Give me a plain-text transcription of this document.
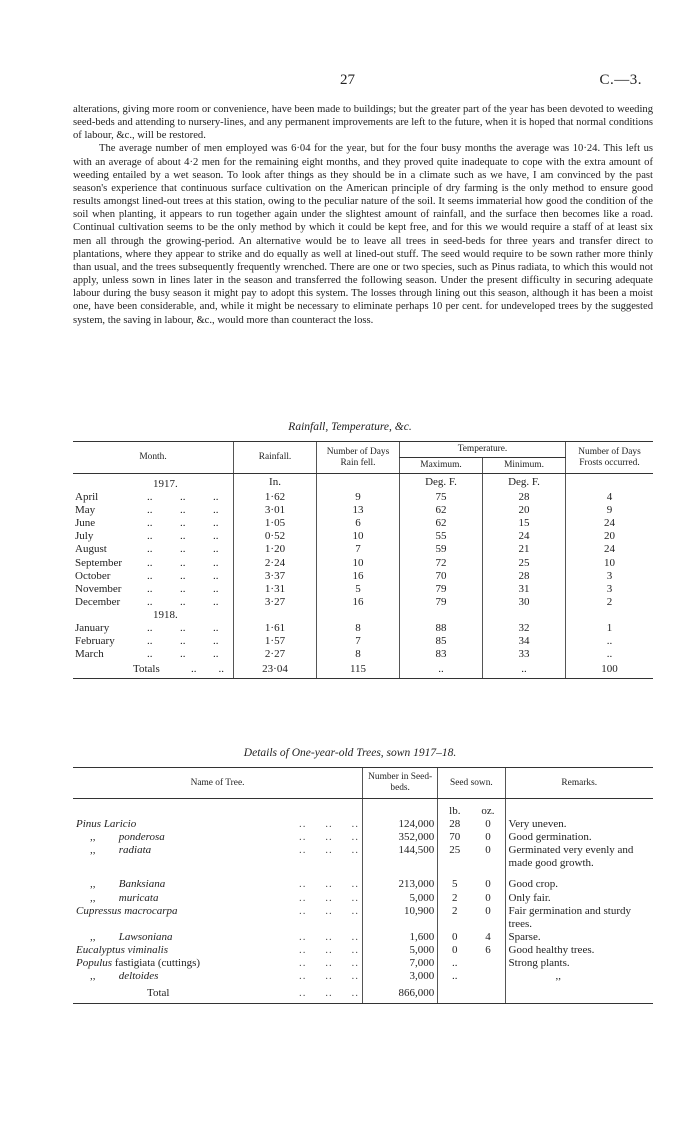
27	C.—3.

alterations, giving more room or convenience, have been made to buildings; but the greater part of the year has been devoted to weeding seed-beds and attending to nursery-lines, and any permanent improvements are left to the future, when it is hoped that normal conditions of labour, &c., will be restored.

The average number of men employed was 6·04 for the year, but for the four busy months the average was 10·24. This left us with an average of about 4·2 men for the remaining eight months, and they proved quite inadequate to cope with the extra amount of weeding entailed by a wet season. To look after things as they should be in a climate such as we have, I am convinced by the past season's experience that continuous surface cultivation on the American principle of dry farming is the only method to ensure good results amongst lined-out trees at this station, owing to the peculiar nature of the soil. It seems immaterial how good the condition of the soil when planting, it appears to run together again under the slightest amount of rainfall, and the surface then becomes like a road. Continual cultivation seems to be the only method by which it could be kept free, and for this we would require a staff of at least six men all through the growing-period. An alternative would be to leave all trees in seed-beds for three years and transfer direct to plantations, where they appear to strike and do equally as well at lined-out stuff. The seed would require to be sown rather more thinly than usual, and the trees subsequently frequently wrenched. There are one or two species, such as Pinus radiata, to which this would not apply, unless sown in lines later in the season and transferred the following season. Under the present difficulty in securing adequate labour during the busy season it might pay to adopt this system. The losses through lining out this season, although it has been a moist one, have been considerable, and, while it might be necessary to eliminate perhaps 10 per cent. for undeveloped trees by the suggested system, the saving in labour, &c., would more than counteract the loss.

Rainfall, Temperature, &c.
Month.	Rainfall.	Number of Days Rain fell.	Temperature.		Number of Days Frosts occurred.
			Maximum.	Minimum.	
1917.	In.		Deg. F.	Deg. F.	
April ..          ..          ..	1·62	9	75	28	4
May ..          ..          ..	3·01	13	62	20	9
June ..          ..          ..	1·05	6	62	15	24
July ..          ..          ..	0·52	10	55	24	20
August ..          ..          ..	1·20	7	59	21	24
September ..          ..          ..	2·24	10	72	25	10
October ..          ..          ..	3·37	16	70	28	3
November ..          ..          ..	1·31	5	79	31	3
December ..          ..          ..	3·27	16	79	30	2
1918.					
January ..          ..          ..	1·61	8	88	32	1
February ..          ..          ..	1·57	7	85	34	..
March ..          ..          ..	2·27	8	83	33	..
Totals ..        ..	23·04	115	..	..	100
Details of One-year-old Trees, sown 1917–18.
Name of Tree.		Number in Seed-beds.	Seed sown.		Remarks.
			lb.	oz.	
Pinus Laricio	..     ..     ..	124,000	28	0	Very uneven.
,, ponderosa	..     ..     ..	352,000	70	0	Good germination.
,, radiata	..     ..     ..	144,500	25	0	Germinated very evenly and made good growth.
,, Banksiana	..     ..     ..	213,000	5	0	Good crop.
,, muricata	..     ..     ..	5,000	2	0	Only fair.
Cupressus macrocarpa	..     ..     ..	10,900	2	0	Fair germination and sturdy trees.
,, Lawsoniana	..     ..     ..	1,600	0	4	Sparse.
Eucalyptus viminalis	..     ..     ..	5,000	0	6	Good healthy trees.
Populus fastigiata (cuttings)	..     ..     ..	7,000	..		Strong plants.
,, deltoides	..     ..     ..	3,000	..		,,
Total	..     ..     ..	866,000			
